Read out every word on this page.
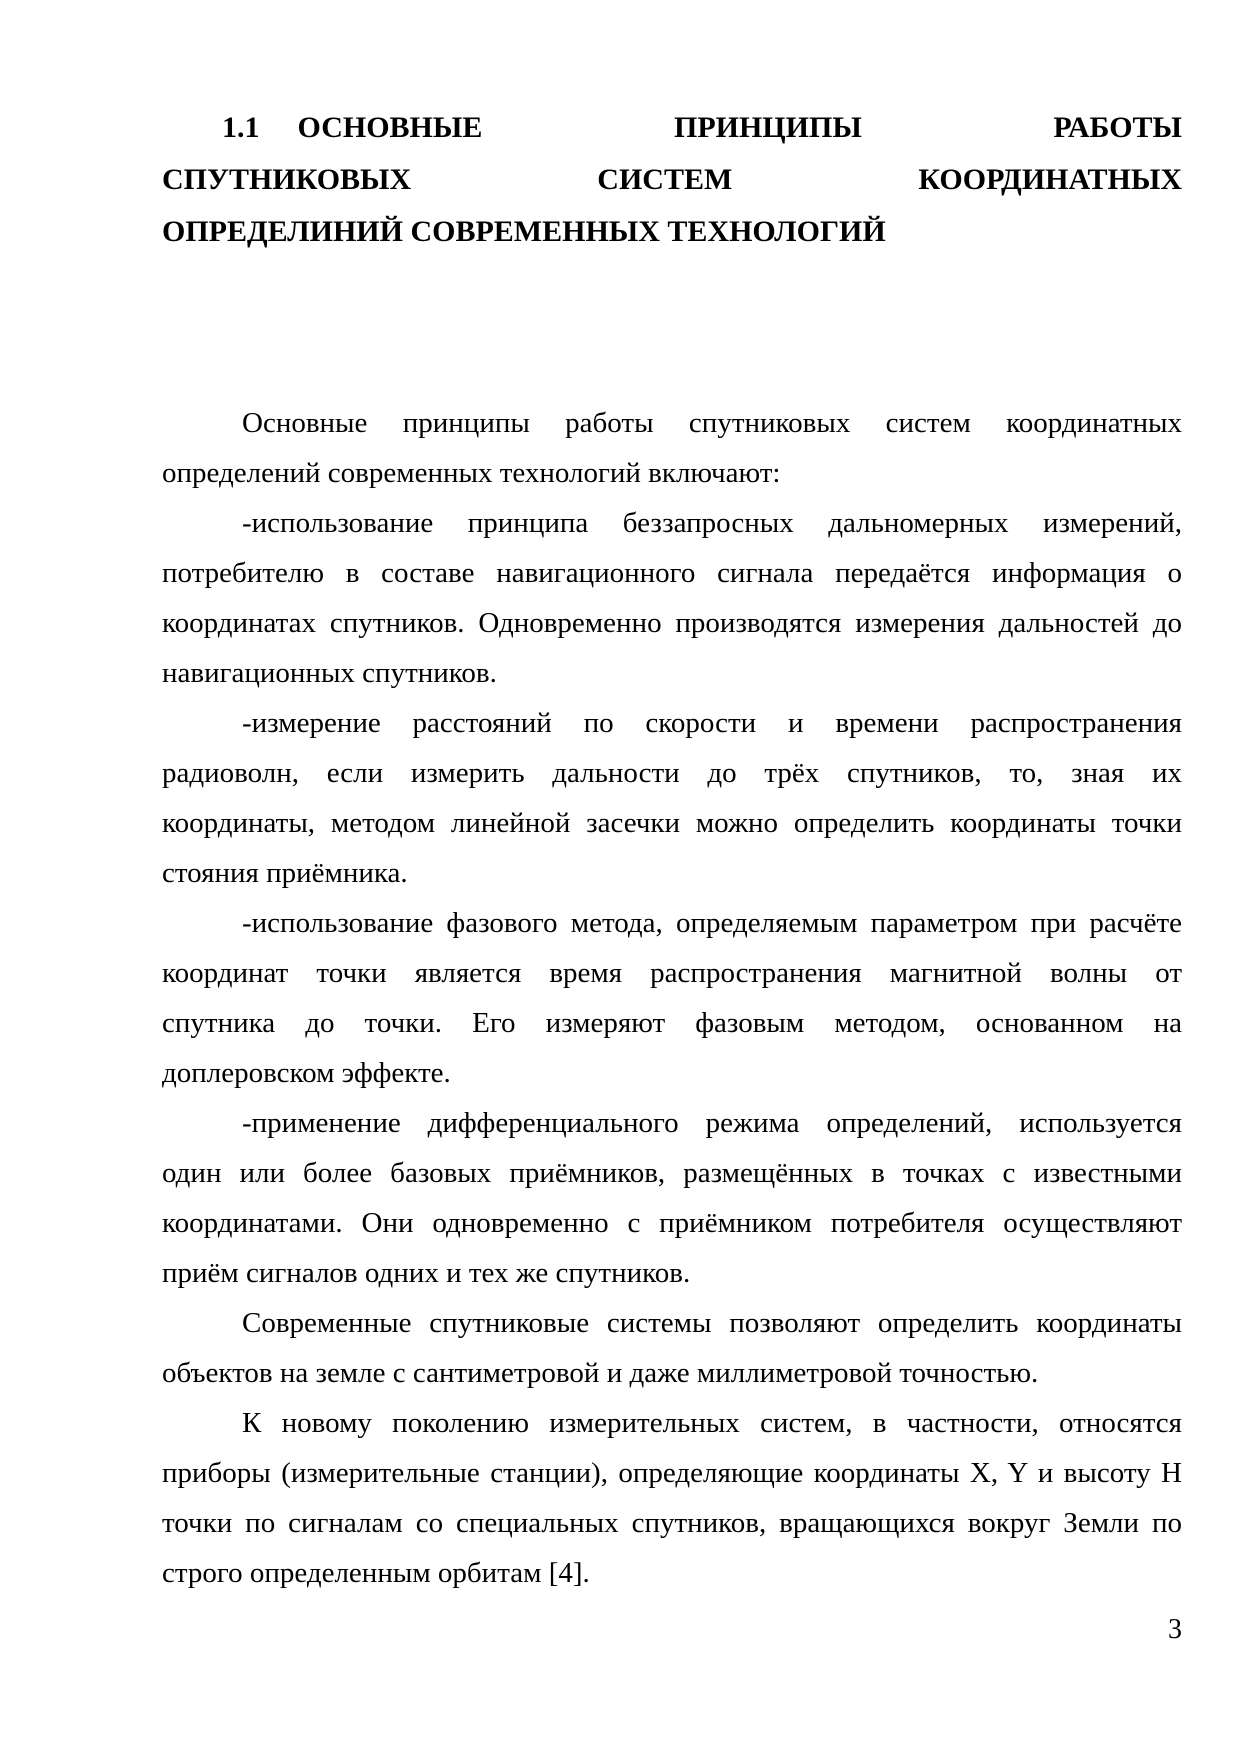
1.1 ОСНОВНЫЕ ПРИНЦИПЫ РАБОТЫ
СПУТНИКОВЫХ СИСТЕМ КООРДИНАТНЫХ
ОПРЕДЕЛИНИЙ СОВРЕМЕННЫХ ТЕХНОЛОГИЙ
Основные принципы работы спутниковых систем координатных
определений современных технологий включают:
-использование принципа беззапросных дальномерных измерений,
потребителю в составе навигационного сигнала передаётся информация о
координатах спутников. Одновременно производятся измерения дальностей до
навигационных спутников.
-измерение расстояний по скорости и времени распространения
радиоволн, если измерить дальности до трёх спутников, то, зная их
координаты, методом линейной засечки можно определить координаты точки
стояния приёмника.
-использование фазового метода, определяемым параметром при расчёте
координат точки является время распространения магнитной волны от
спутника до точки. Его измеряют фазовым методом, основанном на
доплеровском эффекте.
-применение дифференциального режима определений, используется
один или более базовых приёмников, размещённых в точках с известными
координатами. Они одновременно с приёмником потребителя осуществляют
приём сигналов одних и тех же спутников.
Современные спутниковые системы позволяют определить координаты
объектов на земле с сантиметровой и даже миллиметровой точностью.
К новому поколению измерительных систем, в частности, относятся
приборы (измерительные станции), определяющие координаты X, Y и высоту Н
точки по сигналам со специальных спутников, вращающихся вокруг Земли по
строго определенным орбитам [4].
3
